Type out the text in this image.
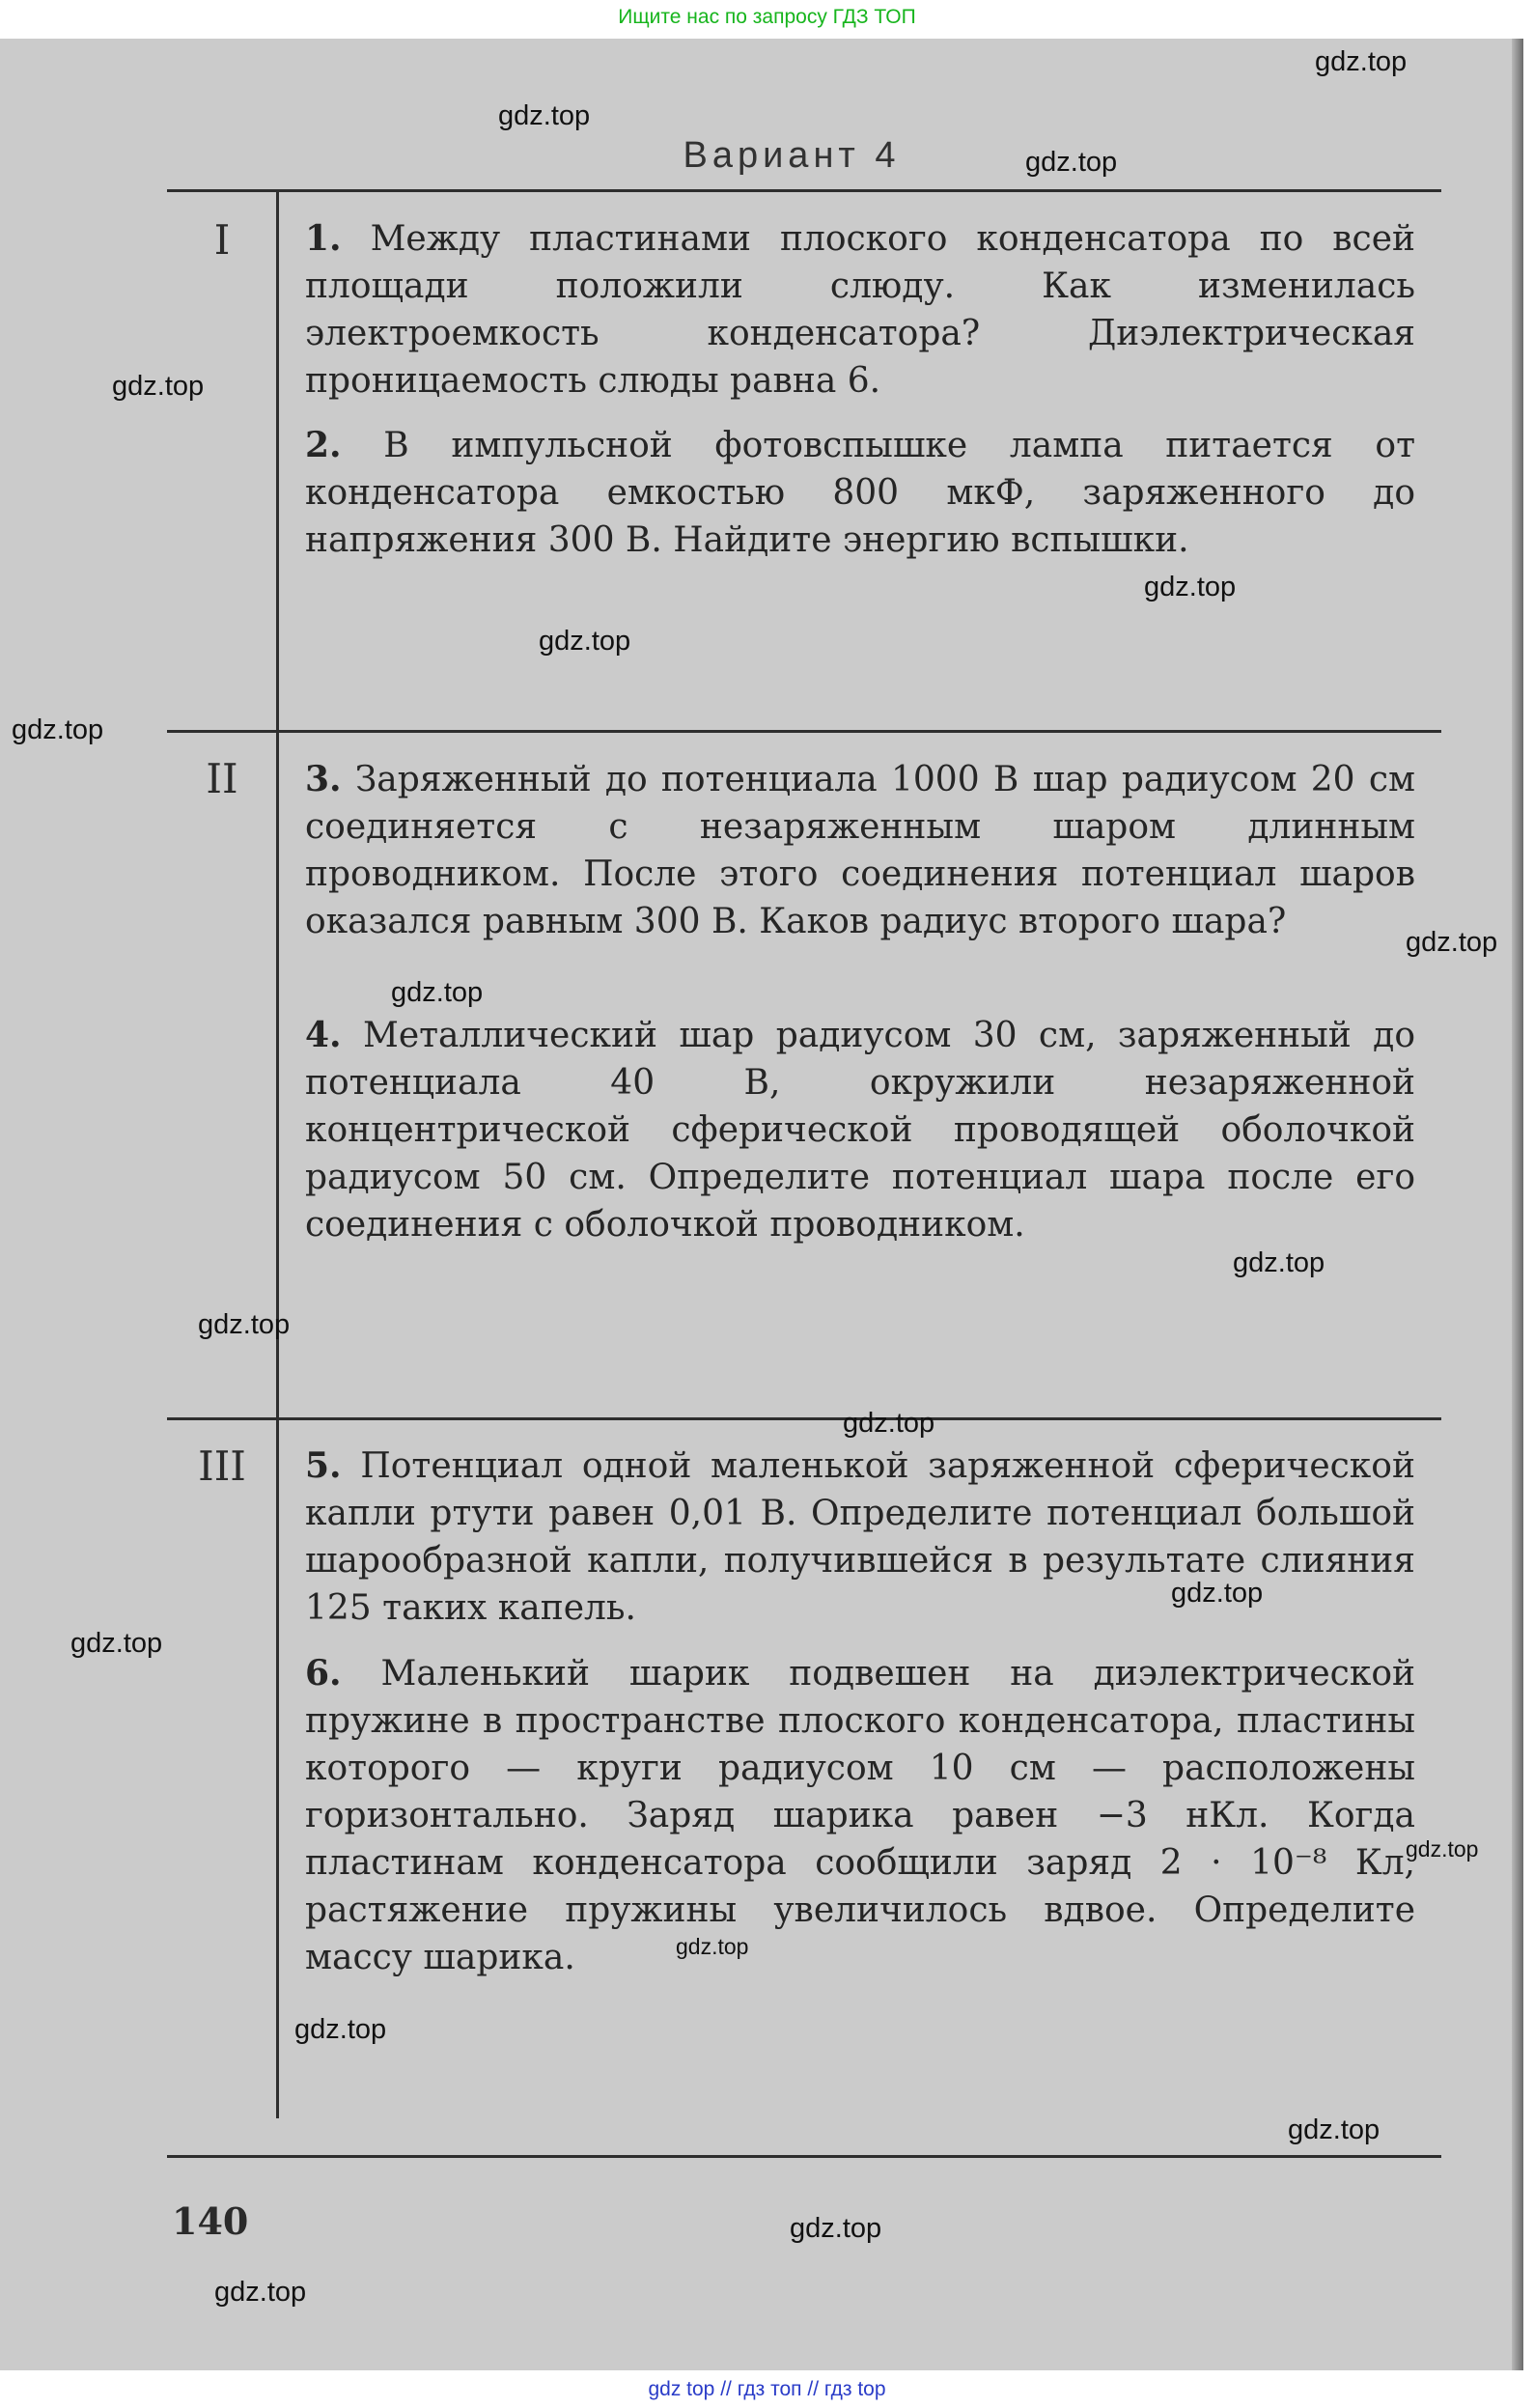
Ищите нас по запросу ГДЗ ТОП
Вариант 4
I
II
III
1. Между пластинами плоского конденсатора по всей площади положили слюду. Как изменилась электроемкость конденсатора? Диэлектрическая проницаемость слюды равна 6.
2. В импульсной фотовспышке лампа питается от конденсатора емкостью 800 мкФ, заряженного до напряжения 300 В. Найдите энергию вспышки.
3. Заряженный до потенциала 1000 В шар радиусом 20 см соединяется с незаряженным шаром длинным проводником. После этого соединения потенциал шаров оказался равным 300 В. Каков радиус второго шара?
4. Металлический шар радиусом 30 см, заряженный до потенциала 40 В, окружили незаряженной концентрической сферической проводящей оболочкой радиусом 50 см. Определите потенциал шара после его соединения с оболочкой проводником.
5. Потенциал одной маленькой заряженной сферической капли ртути равен 0,01 В. Определите потенциал большой шарообразной капли, получившейся в результате слияния 125 таких капель.
6. Маленький шарик подвешен на диэлектрической пружине в пространстве плоского конденсатора, пластины которого — круги радиусом 10 см — расположены горизонтально. Заряд шарика равен −3 нКл. Когда пластинам конденсатора сообщили заряд 2 · 10⁻⁸ Кл, растяжение пружины увеличилось вдвое. Определите массу шарика.
140
gdz.top
gdz.top
gdz.top
gdz.top
gdz.top
gdz.top
gdz.top
gdz.top
gdz.top
gdz.top
gdz.top
gdz.top
gdz.top
gdz.top
gdz.top
gdz.top
gdz.top
gdz.top
gdz.top
gdz.top
gdz top // гдз топ // гдз top
